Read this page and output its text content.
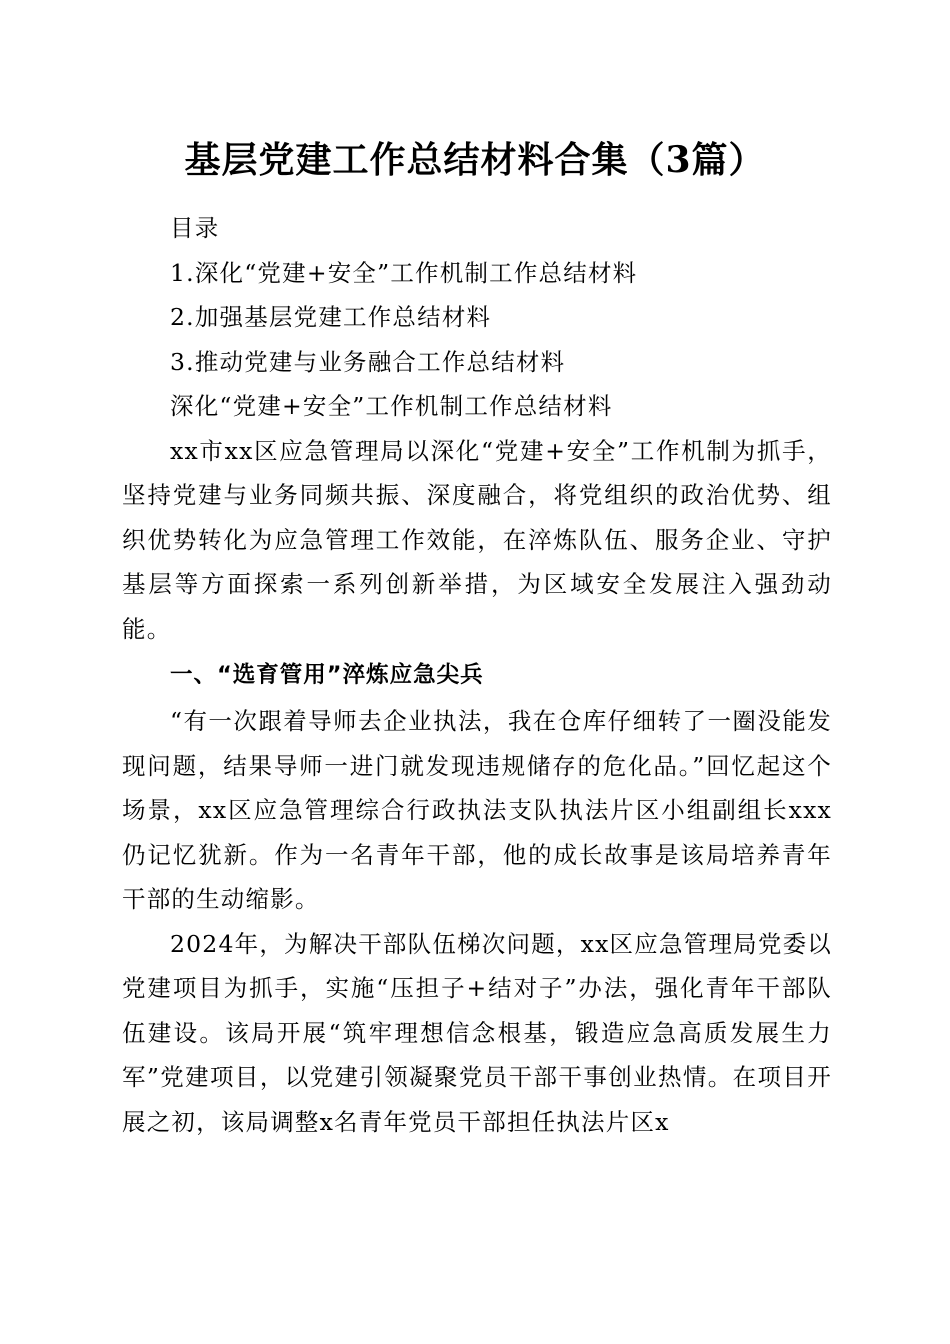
基层党建工作总结材料合集（3篇）

目录

1.深化“党建+安全”工作机制工作总结材料

2.加强基层党建工作总结材料

3.推动党建与业务融合工作总结材料

深化“党建+安全”工作机制工作总结材料

xx市xx区应急管理局以深化“党建+安全”工作机制为抓手，坚持党建与业务同频共振、深度融合，将党组织的政治优势、组织优势转化为应急管理工作效能，在淬炼队伍、服务企业、守护基层等方面探索一系列创新举措，为区域安全发展注入强劲动能。

一、“选育管用”淬炼应急尖兵

“有一次跟着导师去企业执法，我在仓库仔细转了一圈没能发现问题，结果导师一进门就发现违规储存的危化品。”回忆起这个场景，xx区应急管理综合行政执法支队执法片区小组副组长xxx仍记忆犹新。作为一名青年干部，他的成长故事是该局培养青年干部的生动缩影。

2024年，为解决干部队伍梯次问题，xx区应急管理局党委以党建项目为抓手，实施“压担子+结对子”办法，强化青年干部队伍建设。该局开展“筑牢理想信念根基，锻造应急高质发展生力军”党建项目，以党建引领凝聚党员干部干事创业热情。在项目开展之初，该局调整x名青年党员干部担任执法片区x
